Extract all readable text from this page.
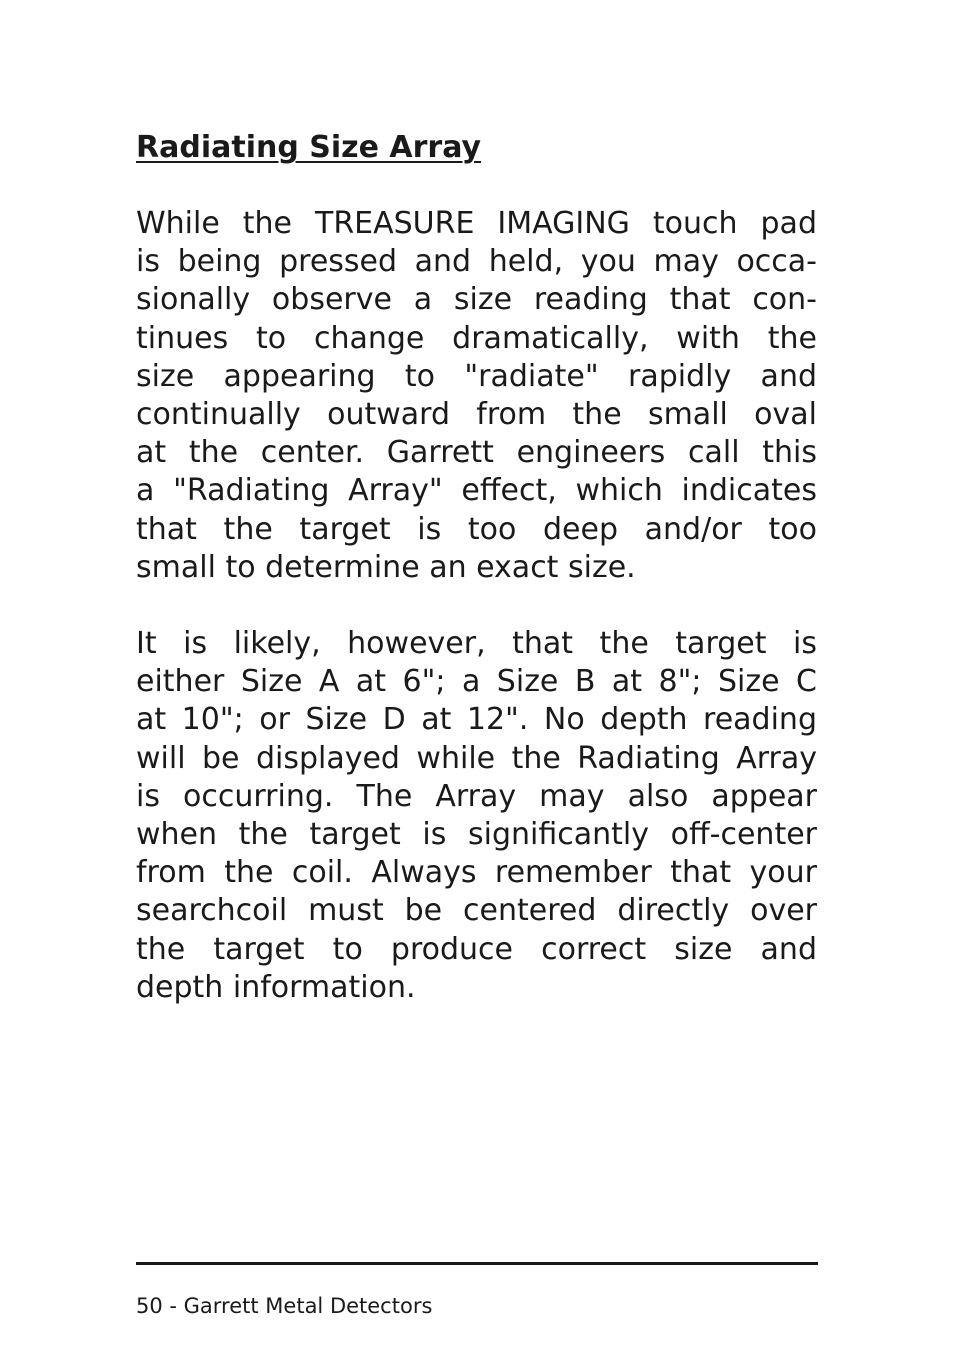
Radiating Size Array
While the TREASURE IMAGING touch pad
is being pressed and held, you may occa-
sionally observe a size reading that con-
tinues to change dramatically, with the
size appearing to "radiate" rapidly and
continually outward from the small oval
at the center. Garrett engineers call this
a "Radiating Array" effect, which indicates
that the target is too deep and/or too
small to determine an exact size.
It is likely, however, that the target is
either Size A at 6"; a Size B at 8"; Size C
at 10"; or Size D at 12". No depth reading
will be displayed while the Radiating Array
is occurring. The Array may also appear
when the target is significantly off-center
from the coil. Always remember that your
searchcoil must be centered directly over
the target to produce correct size and
depth information.
50 - Garrett Metal Detectors
